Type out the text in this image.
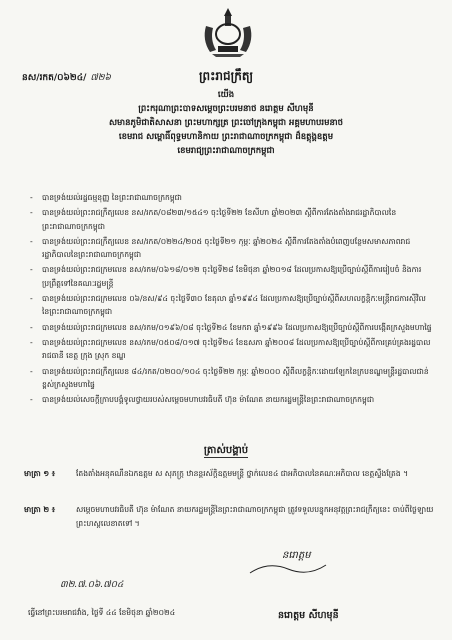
នស/រកត/០៦២៤/ ៧២៦	ព្រះរាជក្រឹត្យ
យើង
ព្រះករុណាព្រះបាទសម្តេចព្រះបរមនាថ នរោត្តម សីហមុនី
សមានភូមិជាតិសាសនា ព្រះមហាក្សត្រ ព្រះចៅក្រុងកម្ពុជា អគ្គមហាបរមនាថ
ខេមរាជ សម្ពោធិ៍ពុទ្ធមហានិកាយ ព្រះរាជាណាចក្រកម្ពុជា ដ៏ឧត្តុង្គឧត្តម
ខេមរាជ្យព្រះរាជាណាចក្រកម្ពុជា
-	បានទ្រង់យល់រដ្ឋធម្មនុញ្ញ នៃព្រះរាជាណាចក្រកម្ពុជា
-	បានទ្រង់យល់ព្រះរាជក្រឹត្យលេខ នស/រកត/០៨២៣/១៥៤១ ចុះថ្ងៃទី២២ ខែសីហា ឆ្នាំ២០២៣ ស្តីពីការតែងតាំងរាជរដ្ឋាភិបាលនៃព្រះរាជាណាចក្រកម្ពុជា
-	បានទ្រង់យល់ព្រះរាជក្រឹត្យលេខ នស/រកត/០២២៤/២០៥ ចុះថ្ងៃទី២១ កុម្ភៈ ឆ្នាំ២០២៤ ស្តីពីការតែងតាំងបំពេញបន្ថែមសមាសភាពរាជរដ្ឋាភិបាលនៃព្រះរាជាណាចក្រកម្ពុជា
-	បានទ្រង់យល់ព្រះរាជក្រមលេខ នស/រកម/០៦១៨/០១២ ចុះថ្ងៃទី២៨ ខែមិថុនា ឆ្នាំ២០១៨ ដែលប្រកាសឱ្យប្រើច្បាប់ស្តីពីការរៀបចំ និងការប្រព្រឹត្តទៅនៃគណៈរដ្ឋមន្ត្រី
-	បានទ្រង់យល់ព្រះរាជក្រមលេខ ០៦/នស/៩៤ ចុះថ្ងៃទី៣០ ខែតុលា ឆ្នាំ១៩៩៤ ដែលប្រកាសឱ្យប្រើច្បាប់ស្តីពីសហលក្ខន្តិកៈមន្ត្រីរាជការស៊ីវិល នៃព្រះរាជាណាចក្រកម្ពុជា
-	បានទ្រង់យល់ព្រះរាជក្រមលេខ នស/រកម/០១៩៦/០៨ ចុះថ្ងៃទី២៤ ខែមករា ឆ្នាំ១៩៩៦ ដែលប្រកាសឱ្យប្រើច្បាប់ស្តីពីការបង្កើតក្រសួងមហាផ្ទៃ
-	បានទ្រង់យល់ព្រះរាជក្រមលេខ នស/រកម/០៥០៨/០១៧ ចុះថ្ងៃទី២៤ ខែឧសភា ឆ្នាំ២០០៨ ដែលប្រកាសឱ្យប្រើច្បាប់ស្តីពីការគ្រប់គ្រងរដ្ឋបាលរាជធានី ខេត្ត ក្រុង ស្រុក ខណ្ឌ
-	បានទ្រង់យល់ព្រះរាជក្រឹត្យលេខ ៨៤/រកត/០២០០/១០៤ ចុះថ្ងៃទី២២ កុម្ភៈ ឆ្នាំ២០០០ ស្តីពីលក្ខន្តិកៈដោយឡែកនៃក្របខណ្ឌមន្ត្រីរដ្ឋបាលជាន់ខ្ពស់ក្រសួងមហាផ្ទៃ
-	បានទ្រង់យល់សេចក្តីក្រាបបង្គំទូលថ្វាយរបស់សម្តេចមហាបវរធិបតី ហ៊ុន ម៉ាណែត នាយករដ្ឋមន្ត្រីនៃព្រះរាជាណាចក្រកម្ពុជា
ត្រាស់បង្គាប់
មាត្រា ១ ៖	តែងតាំងអនុគណឹនឯកឧត្តម ស សុភក្រ្ក ឋានន្តរស័ក្តិឧត្តមមន្ត្រី ថ្នាក់លេខ៤ ជាអភិបាលនៃគណៈអភិបាល ខេត្តស្ទឹងត្រែង ។
មាត្រា ២ ៖	សម្តេចមហាបវរធិបតី ហ៊ុន ម៉ាណែត នាយករដ្ឋមន្ត្រីនៃព្រះរាជាណាចក្រកម្ពុជា ត្រូវទទួលបន្ទុកអនុវត្តព្រះរាជក្រឹត្យនេះ ចាប់ពីថ្ងៃឡាយព្រះហស្តលេខាតទៅ ។
នរោត្តម
៣២.៧.០៦.៧០៤
ធ្វើនៅព្រះបរមរាជវាំង, ថ្ងៃទី ៤៤ ខែមិថុនា ឆ្នាំ២០២៤	នរោត្តម សីហមុនី
